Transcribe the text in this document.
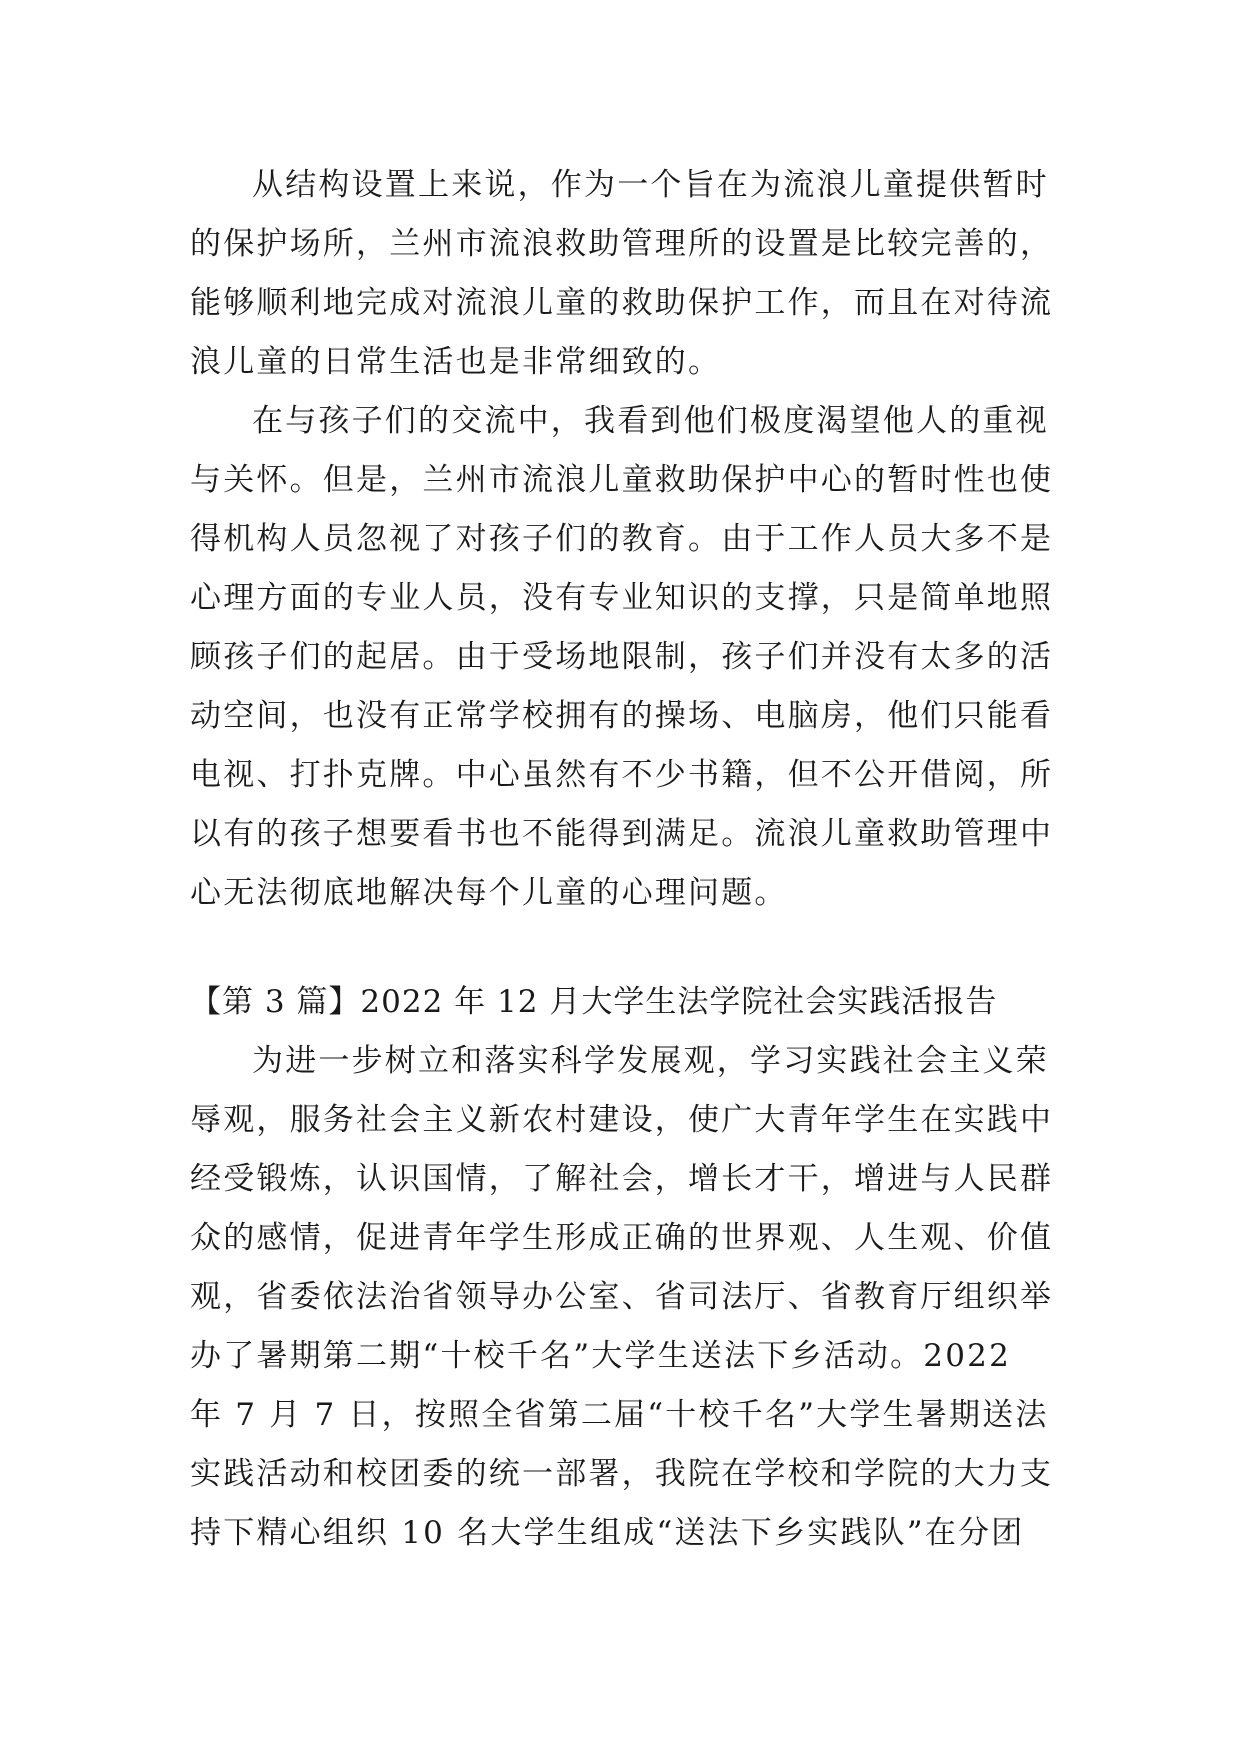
从结构设置上来说，作为一个旨在为流浪儿童提供暂时
的保护场所，兰州市流浪救助管理所的设置是比较完善的，
能够顺利地完成对流浪儿童的救助保护工作，而且在对待流
浪儿童的日常生活也是非常细致的。
在与孩子们的交流中，我看到他们极度渴望他人的重视
与关怀。但是，兰州市流浪儿童救助保护中心的暂时性也使
得机构人员忽视了对孩子们的教育。由于工作人员大多不是
心理方面的专业人员，没有专业知识的支撑，只是简单地照
顾孩子们的起居。由于受场地限制，孩子们并没有太多的活
动空间，也没有正常学校拥有的操场、电脑房，他们只能看
电视、打扑克牌。中心虽然有不少书籍，但不公开借阅，所
以有的孩子想要看书也不能得到满足。流浪儿童救助管理中
心无法彻底地解决每个儿童的心理问题。
【第 3 篇】2022 年 12 月大学生法学院社会实践活报告
为进一步树立和落实科学发展观，学习实践社会主义荣
辱观，服务社会主义新农村建设，使广大青年学生在实践中
经受锻炼，认识国情，了解社会，增长才干，增进与人民群
众的感情，促进青年学生形成正确的世界观、人生观、价值
观，省委依法治省领导办公室、省司法厅、省教育厅组织举
办了暑期第二期“十校千名”大学生送法下乡活动。2022
年 7 月 7 日，按照全省第二届“十校千名”大学生暑期送法
实践活动和校团委的统一部署，我院在学校和学院的大力支
持下精心组织 10 名大学生组成“送法下乡实践队”在分团
